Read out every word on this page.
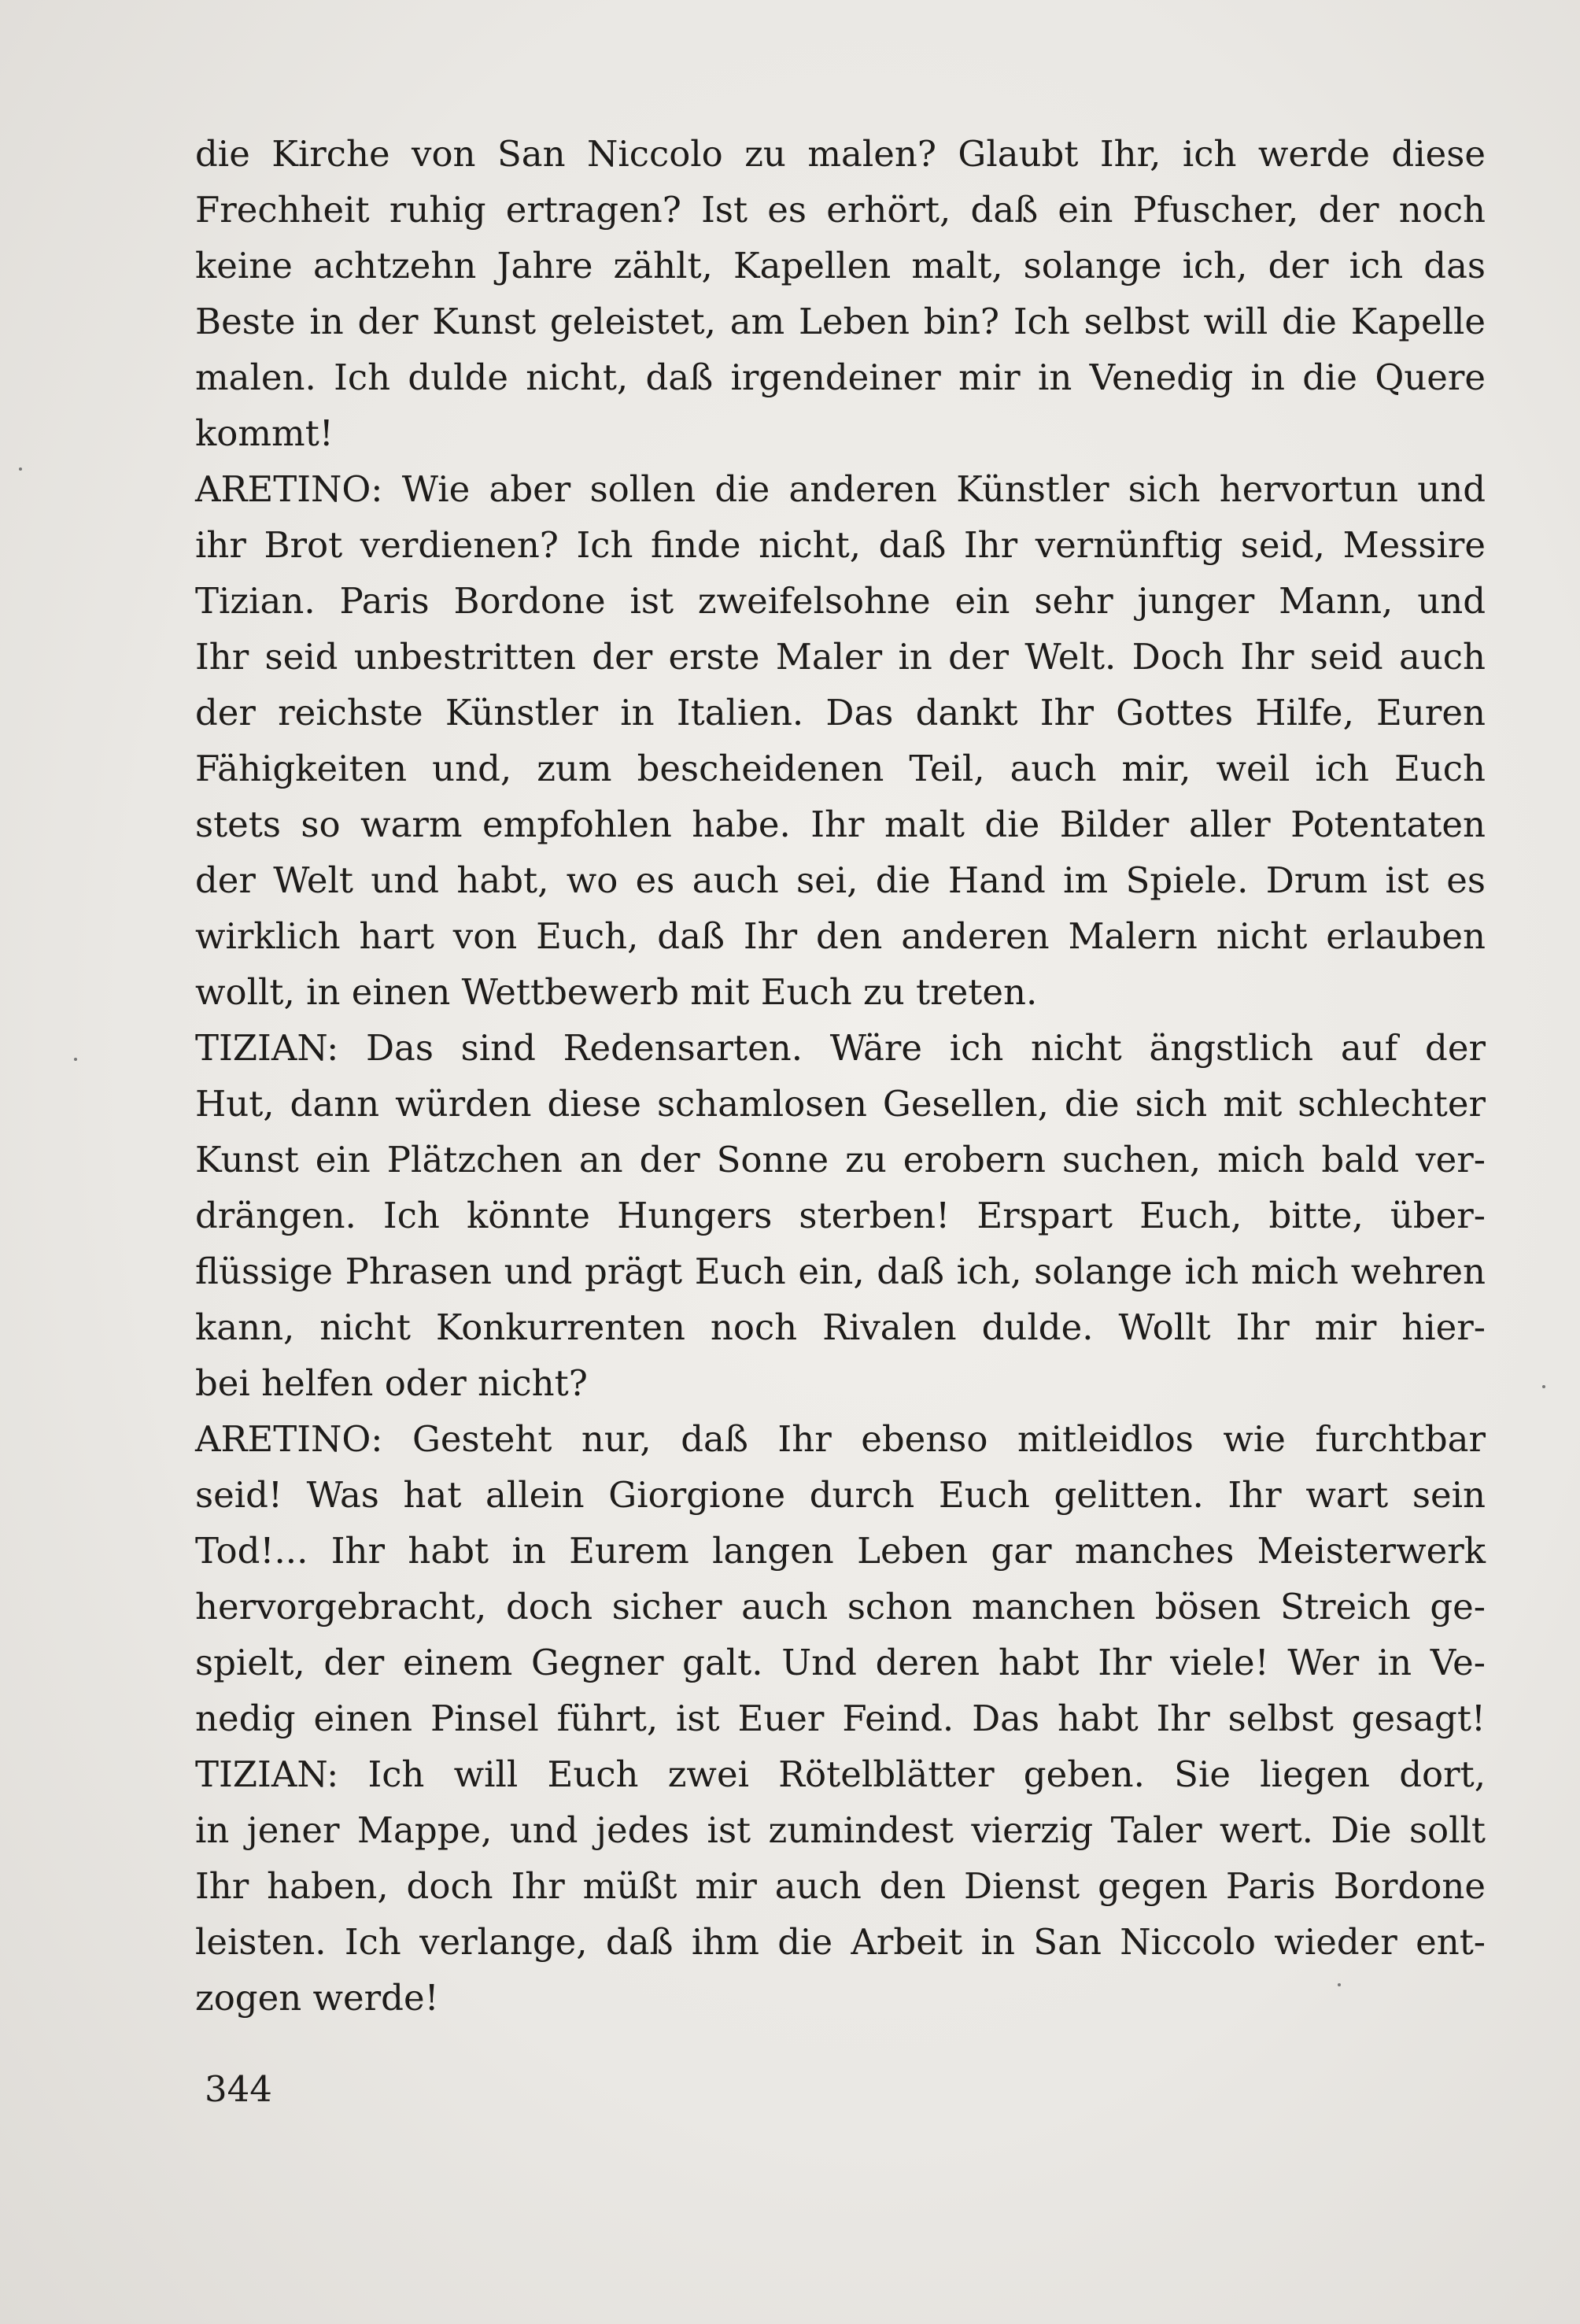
die Kirche von San Niccolo zu malen? Glaubt Ihr, ich werde diese
Frechheit ruhig ertragen? Ist es erhört, daß ein Pfuscher, der noch
keine achtzehn Jahre zählt, Kapellen malt, solange ich, der ich das
Beste in der Kunst geleistet, am Leben bin? Ich selbst will die Kapelle
malen. Ich dulde nicht, daß irgendeiner mir in Venedig in die Quere
kommt!
ARETINO: Wie aber sollen die anderen Künstler sich hervortun und
ihr Brot verdienen? Ich finde nicht, daß Ihr vernünftig seid, Messire
Tizian. Paris Bordone ist zweifelsohne ein sehr junger Mann, und
Ihr seid unbestritten der erste Maler in der Welt. Doch Ihr seid auch
der reichste Künstler in Italien. Das dankt Ihr Gottes Hilfe, Euren
Fähigkeiten und, zum bescheidenen Teil, auch mir, weil ich Euch
stets so warm empfohlen habe. Ihr malt die Bilder aller Potentaten
der Welt und habt, wo es auch sei, die Hand im Spiele. Drum ist es
wirklich hart von Euch, daß Ihr den anderen Malern nicht erlauben
wollt, in einen Wettbewerb mit Euch zu treten.
TIZIAN: Das sind Redensarten. Wäre ich nicht ängstlich auf der
Hut, dann würden diese schamlosen Gesellen, die sich mit schlechter
Kunst ein Plätzchen an der Sonne zu erobern suchen, mich bald ver-
drängen. Ich könnte Hungers sterben! Erspart Euch, bitte, über-
flüssige Phrasen und prägt Euch ein, daß ich, solange ich mich wehren
kann, nicht Konkurrenten noch Rivalen dulde. Wollt Ihr mir hier-
bei helfen oder nicht?
ARETINO: Gesteht nur, daß Ihr ebenso mitleidlos wie furchtbar
seid! Was hat allein Giorgione durch Euch gelitten. Ihr wart sein
Tod!... Ihr habt in Eurem langen Leben gar manches Meisterwerk
hervorgebracht, doch sicher auch schon manchen bösen Streich ge-
spielt, der einem Gegner galt. Und deren habt Ihr viele! Wer in Ve-
nedig einen Pinsel führt, ist Euer Feind. Das habt Ihr selbst gesagt!
TIZIAN: Ich will Euch zwei Rötelblätter geben. Sie liegen dort,
in jener Mappe, und jedes ist zumindest vierzig Taler wert. Die sollt
Ihr haben, doch Ihr müßt mir auch den Dienst gegen Paris Bordone
leisten. Ich verlange, daß ihm die Arbeit in San Niccolo wieder ent-
zogen werde!
344
